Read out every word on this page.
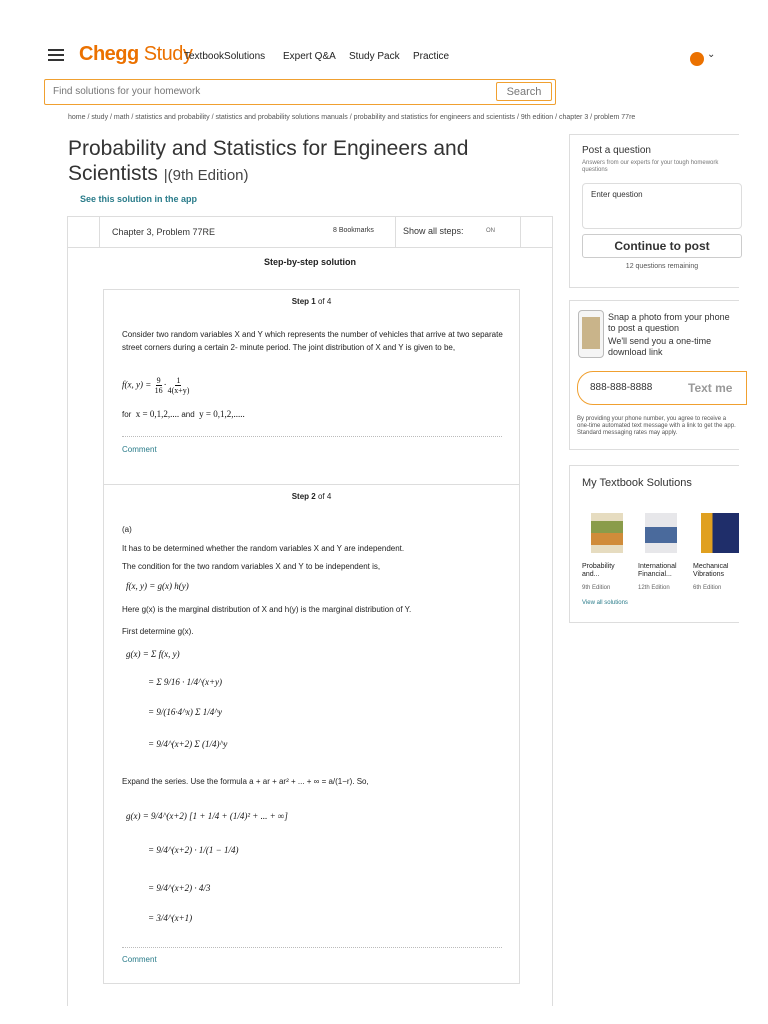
Chegg Study
TextbookSolutions Expert Q&A Study Pack Practice	⌄
Find solutions for your homework
Search
home / study / math / statistics and probability / statistics and probability solutions manuals / probability and statistics for engineers and scientists / 9th edition / chapter 3 / problem 77re
Probability and Statistics for Engineers and Scientists |(9th Edition)
See this solution in the app
Chapter 3, Problem 77RE	8 Bookmarks	Show all steps:	ON
Step-by-step solution
Step 1 of 4
Consider two random variables X and Y which represents the number of vehicles that arrive at two separate street corners during a certain 2- minute period. The joint distribution of X and Y is given to be,
f(x, $y) = \frac{9}{16} \cdot \frac{1}{4(x+y)}$
for x = 0,1,2,.... and y = 0,1,2,.....
Comment
Step 2 of 4
(a)
It has to be determined whether the random variables X and Y are independent.
The condition for the two random variables X and Y to be independent is,
f(x, y) = g(x) h(y)
Here g(x) is the marginal distribution of X and h(y) is the marginal distribution of Y.
First determine g(x).
g(x) = Σ f(x, y)
= Σ 9/16 · 1/4^(x+y)
= 9/(16·4^x) Σ 1/4^y
= 9/4^(x+2) Σ (1/4)^y
Expand the series. Use the formula a + ar + ar² + ... + ∞ = a/(1−r). So,
g(x) = 9/4^(x+2) [1 + 1/4 + (1/4)² + ... + ∞]
= 9/4^(x+2) · 1/(1 − 1/4)
= 9/4^(x+2) · 4/3
= 3/4^(x+1)
Comment
Post a question
Answers from our experts for your tough homework questions
Enter question
Continue to post
12 questions remaining
Snap a photo from your phone to post a question
We'll send you a one-time download link
888-888-8888	Text me
By providing your phone number, you agree to receive a one-time automated text message with a link to get the app. Standard messaging rates may apply.
My Textbook Solutions
Probability and...
International Financial...
Mechanical Vibrations
9th Edition	12th Edition	6th Edition
View all solutions
